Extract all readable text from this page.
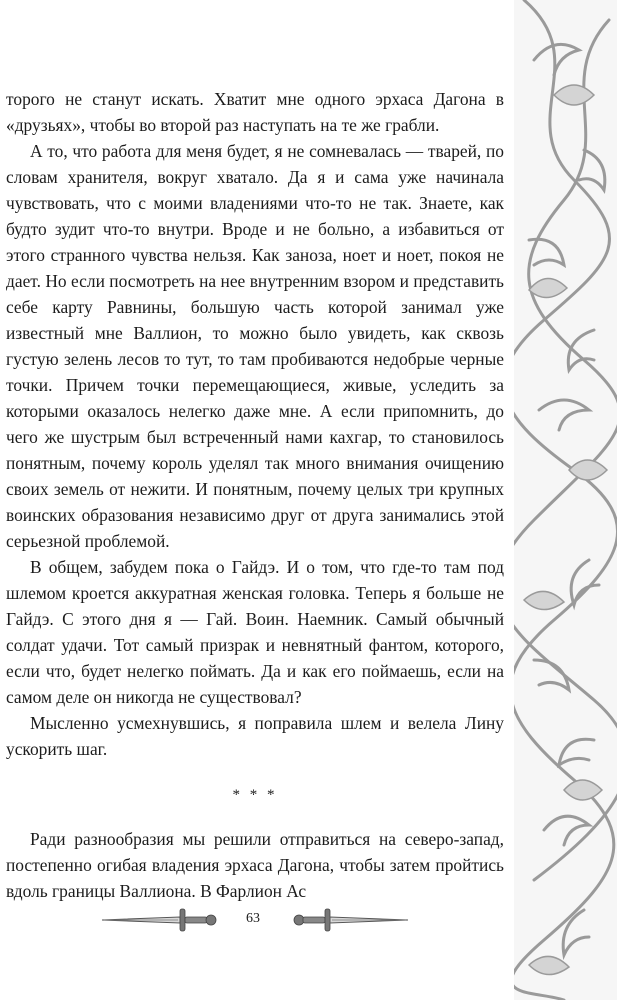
торого не станут искать. Хватит мне одного эрхаса Дагона в «друзьях», чтобы во второй раз наступать на те же грабли.

А то, что работа для меня будет, я не сомневалась — тварей, по словам хранителя, вокруг хватало. Да я и сама уже начинала чувствовать, что с моими владениями что-то не так. Знаете, как будто зудит что-то внутри. Вроде и не больно, а избавиться от этого странного чувства нельзя. Как заноза, ноет и ноет, покоя не дает. Но если посмотреть на нее внутренним взором и представить себе карту Равнины, большую часть которой занимал уже известный мне Валлион, то можно было увидеть, как сквозь густую зелень лесов то тут, то там пробиваются недобрые черные точки. Причем точки перемещающиеся, живые, уследить за которыми оказалось нелегко даже мне. А если припомнить, до чего же шустрым был встреченный нами кахгар, то становилось понятным, почему король уделял так много внимания очищению своих земель от нежити. И понятным, почему целых три крупных воинских образования независимо друг от друга занимались этой серьезной проблемой.

В общем, забудем пока о Гайдэ. И о том, что где-то там под шлемом кроется аккуратная женская головка. Теперь я больше не Гайдэ. С этого дня я — Гай. Воин. Наемник. Самый обычный солдат удачи. Тот самый призрак и невнятный фантом, которого, если что, будет нелегко поймать. Да и как его поймаешь, если на самом деле он никогда не существовал?

Мысленно усмехнувшись, я поправила шлем и велела Лину ускорить шаг.

* * *

Ради разнообразия мы решили отправиться на северо-запад, постепенно огибая владения эрхаса Дагона, чтобы затем пройтись вдоль границы Валлиона. В Фарлион Ас

63
